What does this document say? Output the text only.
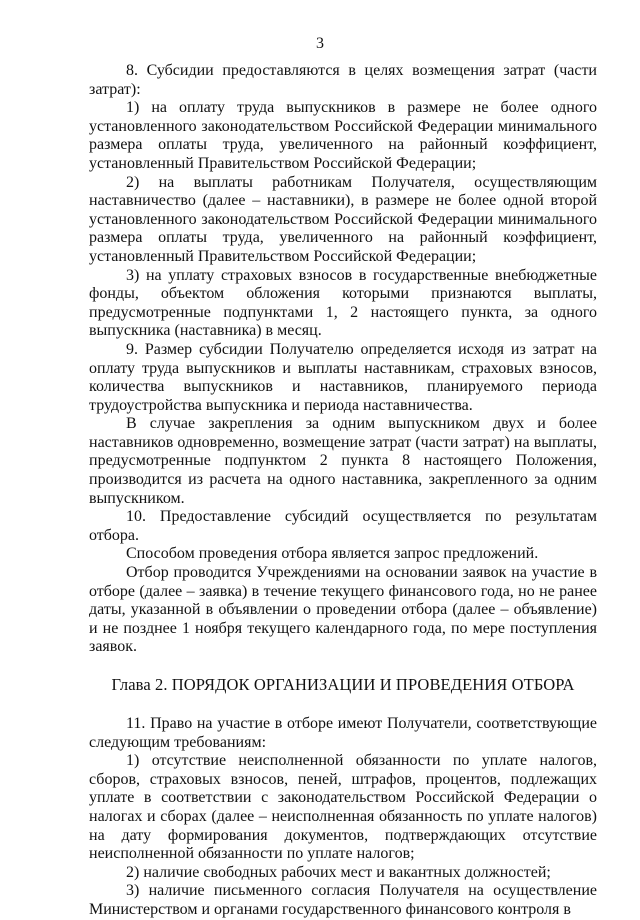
3

8. Субсидии предоставляются в целях возмещения затрат (части затрат):

1) на оплату труда выпускников в размере не более одного установленного законодательством Российской Федерации минимального размера оплаты труда, увеличенного на районный коэффициент, установленный Правительством Российской Федерации;

2) на выплаты работникам Получателя, осуществляющим наставничество (далее – наставники), в размере не более одной второй установленного законодательством Российской Федерации минимального размера оплаты труда, увеличенного на районный коэффициент, установленный Правительством Российской Федерации;

3) на уплату страховых взносов в государственные внебюджетные фонды, объектом обложения которыми признаются выплаты, предусмотренные подпунктами 1, 2 настоящего пункта, за одного выпускника (наставника) в месяц.

9. Размер субсидии Получателю определяется исходя из затрат на оплату труда выпускников и выплаты наставникам, страховых взносов, количества выпускников и наставников, планируемого периода трудоустройства выпускника и периода наставничества.

В случае закрепления за одним выпускником двух и более наставников одновременно, возмещение затрат (части затрат) на выплаты, предусмотренные подпунктом 2 пункта 8 настоящего Положения, производится из расчета на одного наставника, закрепленного за одним выпускником.

10. Предоставление субсидий осуществляется по результатам отбора.

Способом проведения отбора является запрос предложений.

Отбор проводится Учреждениями на основании заявок на участие в отборе (далее – заявка) в течение текущего финансового года, но не ранее даты, указанной в объявлении о проведении отбора (далее – объявление) и не позднее 1 ноября текущего календарного года, по мере поступления заявок.

Глава 2. ПОРЯДОК ОРГАНИЗАЦИИ И ПРОВЕДЕНИЯ ОТБОРА

11. Право на участие в отборе имеют Получатели, соответствующие следующим требованиям:

1) отсутствие неисполненной обязанности по уплате налогов, сборов, страховых взносов, пеней, штрафов, процентов, подлежащих уплате в соответствии с законодательством Российской Федерации о налогах и сборах (далее – неисполненная обязанность по уплате налогов) на дату формирования документов, подтверждающих отсутствие неисполненной обязанности по уплате налогов;

2) наличие свободных рабочих мест и вакантных должностей;

3) наличие письменного согласия Получателя на осуществление Министерством и органами государственного финансового контроля в
